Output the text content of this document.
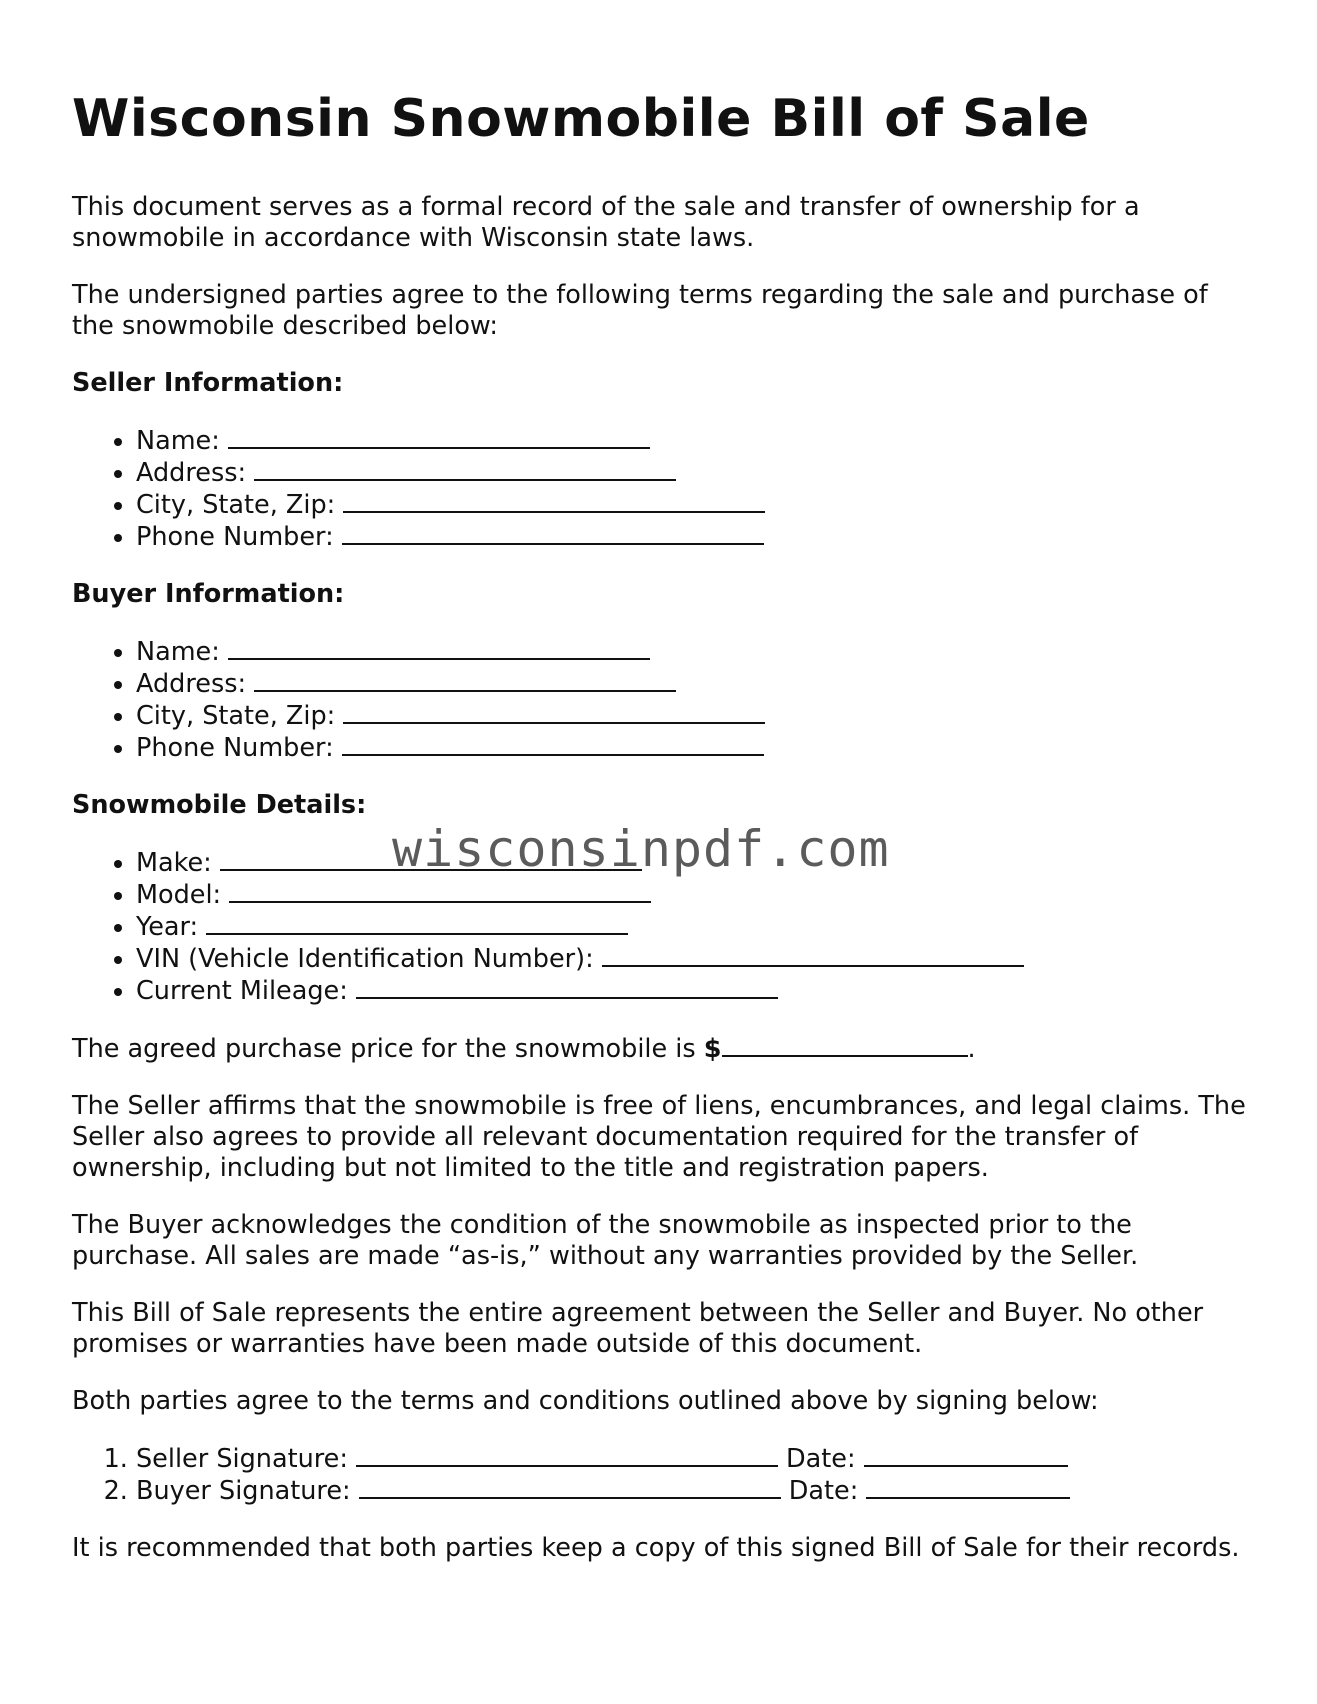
Wisconsin Snowmobile Bill of Sale

This document serves as a formal record of the sale and transfer of ownership for a snowmobile in accordance with Wisconsin state laws.

The undersigned parties agree to the following terms regarding the sale and purchase of the snowmobile described below:

Seller Information:
• Name:
• Address:
• City, State, Zip:
• Phone Number:
Buyer Information:
• Name:
• Address:
• City, State, Zip:
• Phone Number:
Snowmobile Details:
• Make:
• Model:
• Year:
• VIN (Vehicle Identification Number):
• Current Mileage:

The agreed purchase price for the snowmobile is $	.

The Seller affirms that the snowmobile is free of liens, encumbrances, and legal claims. The Seller also agrees to provide all relevant documentation required for the transfer of ownership, including but not limited to the title and registration papers.

The Buyer acknowledges the condition of the snowmobile as inspected prior to the purchase. All sales are made “as-is,” without any warranties provided by the Seller.

This Bill of Sale represents the entire agreement between the Seller and Buyer. No other promises or warranties have been made outside of this document.

Both parties agree to the terms and conditions outlined above by signing below:

1. Seller Signature:	Date:
2. Buyer Signature:	Date:

It is recommended that both parties keep a copy of this signed Bill of Sale for their records.

wisconsinpdf.com
